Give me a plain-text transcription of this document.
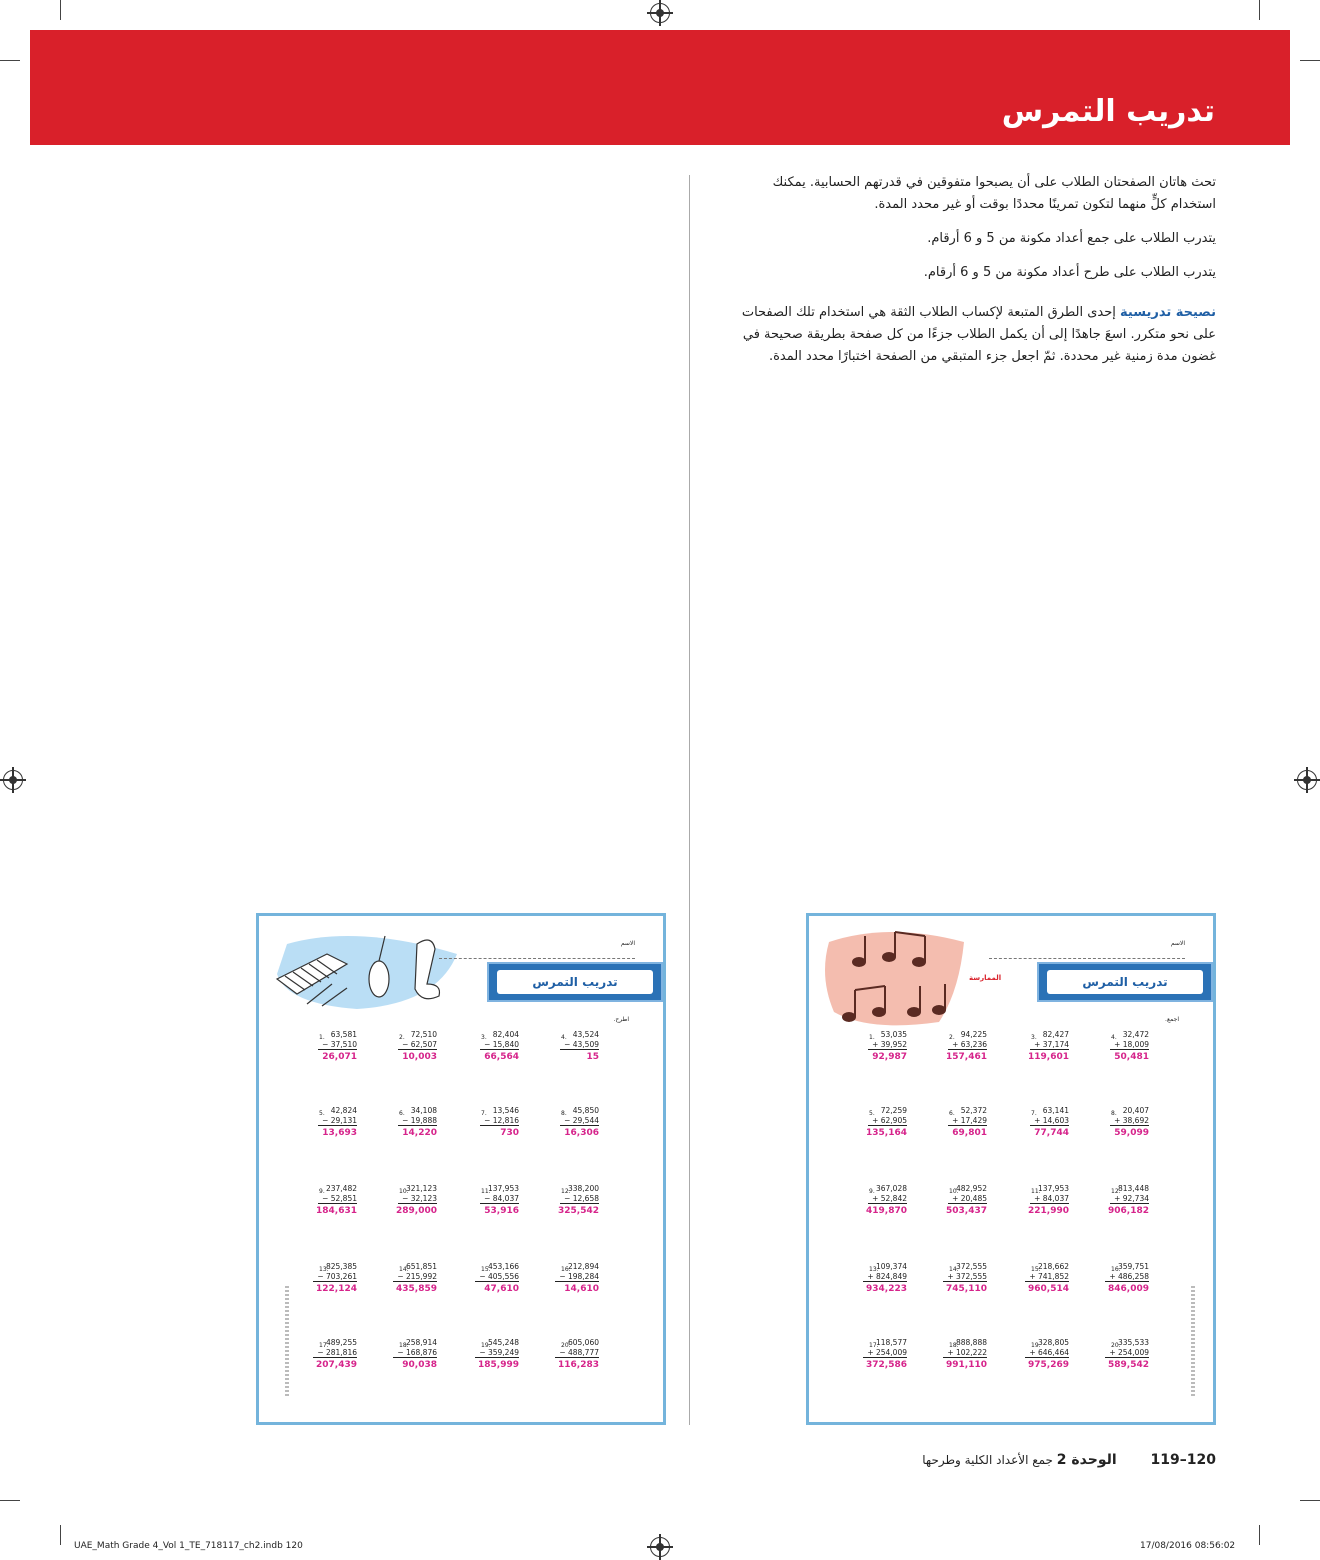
تدريب التمرس

تحث هاتان الصفحتان الطلاب على أن يصبحوا متفوقين في قدرتهم الحسابية. يمكنك استخدام كلٍّ منهما لتكون تمرينًا محددًا بوقت أو غير محدد المدة.

يتدرب الطلاب على جمع أعداد مكونة من 5 و 6 أرقام.

يتدرب الطلاب على طرح أعداد مكونة من 5 و 6 أرقام.

نصيحة تدريسية إحدى الطرق المتبعة لإكساب الطلاب الثقة هي استخدام تلك الصفحات على نحو متكرر. اسعَ جاهدًا إلى أن يكمل الطلاب جزءًا من كل صفحة بطريقة صحيحة في غضون مدة زمنية غير محددة. ثمّ اجعل جزء المتبقي من الصفحة اختبارًا محدد المدة.

الاسم
تدريب التمرس
اطرح.
1. 63,581
− 37,510
26,071
2. 72,510
− 62,507
10,003
3. 82,404
− 15,840
66,564
4. 43,524
− 43,509
15
5. 42,824
− 29,131
13,693
6. 34,108
− 19,888
14,220
7. 13,546
− 12,816
730
8. 45,850
− 29,544
16,306
9. 237,482
− 52,851
184,631
10.
321,123
− 32,123
289,000
11.
137,953
− 84,037
53,916
12.
338,200
− 12,658
325,542
13.
825,385
− 703,261
122,124
14.
651,851
− 215,992
435,859
15.
453,166
− 405,556
47,610
16.
212,894
− 198,284
14,610
17.
489,255
− 281,816
207,439
18.
258,914
− 168,876
90,038
19.
545,248
− 359,249
185,999
20.
605,060
− 488,777
116,283
الاسم
الممارسة	تدريب التمرس
اجمع.
1. 53,035
+ 39,952
92,987
2. 94,225
+ 63,236
157,461
3. 82,427
+ 37,174
119,601
4. 32,472
+ 18,009
50,481
5. 72,259
+ 62,905
135,164
6. 52,372
+ 17,429
69,801
7. 63,141
+ 14,603
77,744
8. 20,407
+ 38,692
59,099
9. 367,028
+ 52,842
419,870
10.
482,952
+ 20,485
503,437
11.
137,953
+ 84,037
221,990
12.
813,448
+ 92,734
906,182
13.
109,374
+ 824,849
934,223
14.
372,555
+ 372,555
745,110
15.
218,662
+ 741,852
960,514
16.
359,751
+ 486,258
846,009
17.
118,577
+ 254,009
372,586
18.
888,888
+ 102,222
991,110
19.
328,805
+ 646,464
975,269
20.
335,533
+ 254,009
589,542
120–119 الوحدة 2 جمع الأعداد الكلية وطرحها
UAE_Math Grade 4_Vol 1_TE_718117_ch2.indb 120	17/08/2016 08:56:02
